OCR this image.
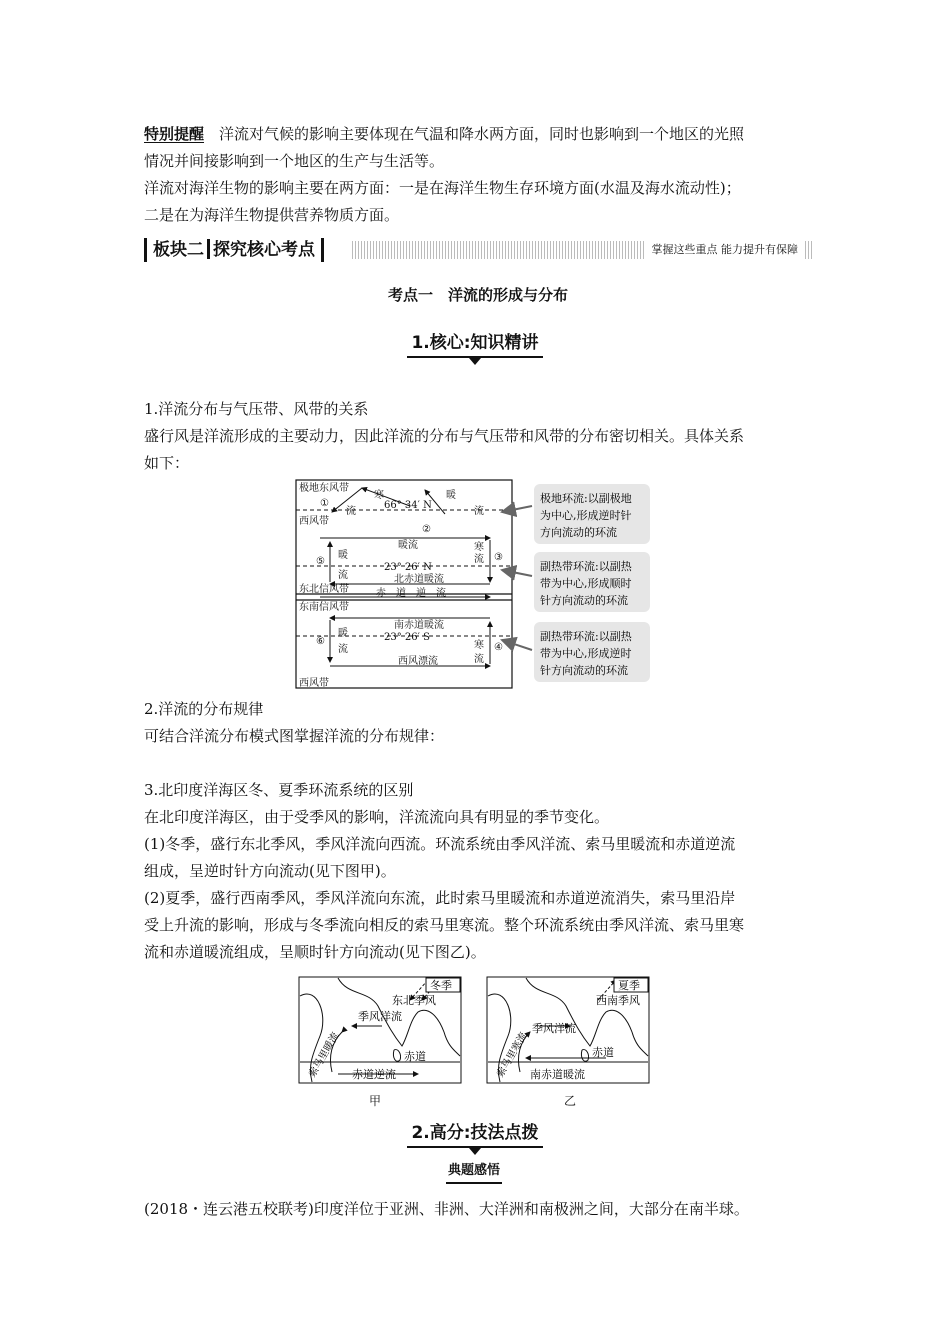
特别提醒　 洋流对气候的影响主要体现在气温和降水两方面，同时也影响到一个地区的光照

情况并间接影响到一个地区的生产与生活等。

洋流对海洋生物的影响主要在两方面：一是在海洋生物生存环境方面(水温及海水流动性)；

二是在为海洋生物提供营养物质方面。

板块二 探究核心考点	掌握这些重点 能力提升有保障
考点一　洋流的形成与分布
1.核心:知识精讲

1.洋流分布与气压带、风带的关系

盛行风是洋流形成的主要动力，因此洋流的分布与气压带和风带的分布密切相关。具体关系

如下：

极地东风带
西风带
东北信风带
东南信风带
西风带
66° 34′ N
23° 26′ N
23° 26′ S
寒
流
暖
流
暖流
暖
流
寒
流
北赤道暖流
赤　道　逆　流
南赤道暖流
暖
流	寒
流
西风漂流
①
②
③
④
⑤
⑥
极地环流:以副极地
为中心,形成逆时针
方向流动的环流
副热带环流:以副热
带为中心,形成顺时
针方向流动的环流
副热带环流:以副热
带为中心,形成逆时
针方向流动的环流

2.洋流的分布规律

可结合洋流分布模式图掌握洋流的分布规律：

3.北印度洋海区冬、夏季环流系统的区别

在北印度洋海区，由于受季风的影响，洋流流向具有明显的季节变化。

(1)冬季，盛行东北季风，季风洋流向西流。环流系统由季风洋流、索马里暖流和赤道逆流

组成，呈逆时针方向流动(见下图甲)。

(2)夏季，盛行西南季风，季风洋流向东流，此时索马里暖流和赤道逆流消失，索马里沿岸

受上升流的影响，形成与冬季流向相反的索马里寒流。整个环流系统由季风洋流、索马里寒

流和赤道暖流组成，呈顺时针方向流动(见下图乙)。

冬季
东北季风
季风洋流
赤道
赤道逆流
索马里暖流
甲
夏季
西南季风
季风洋流
赤道
南赤道暖流
索马里寒流
乙
2.高分:技法点拨
典题感悟

(2018・连云港五校联考)印度洋位于亚洲、非洲、大洋洲和南极洲之间，大部分在南半球。
